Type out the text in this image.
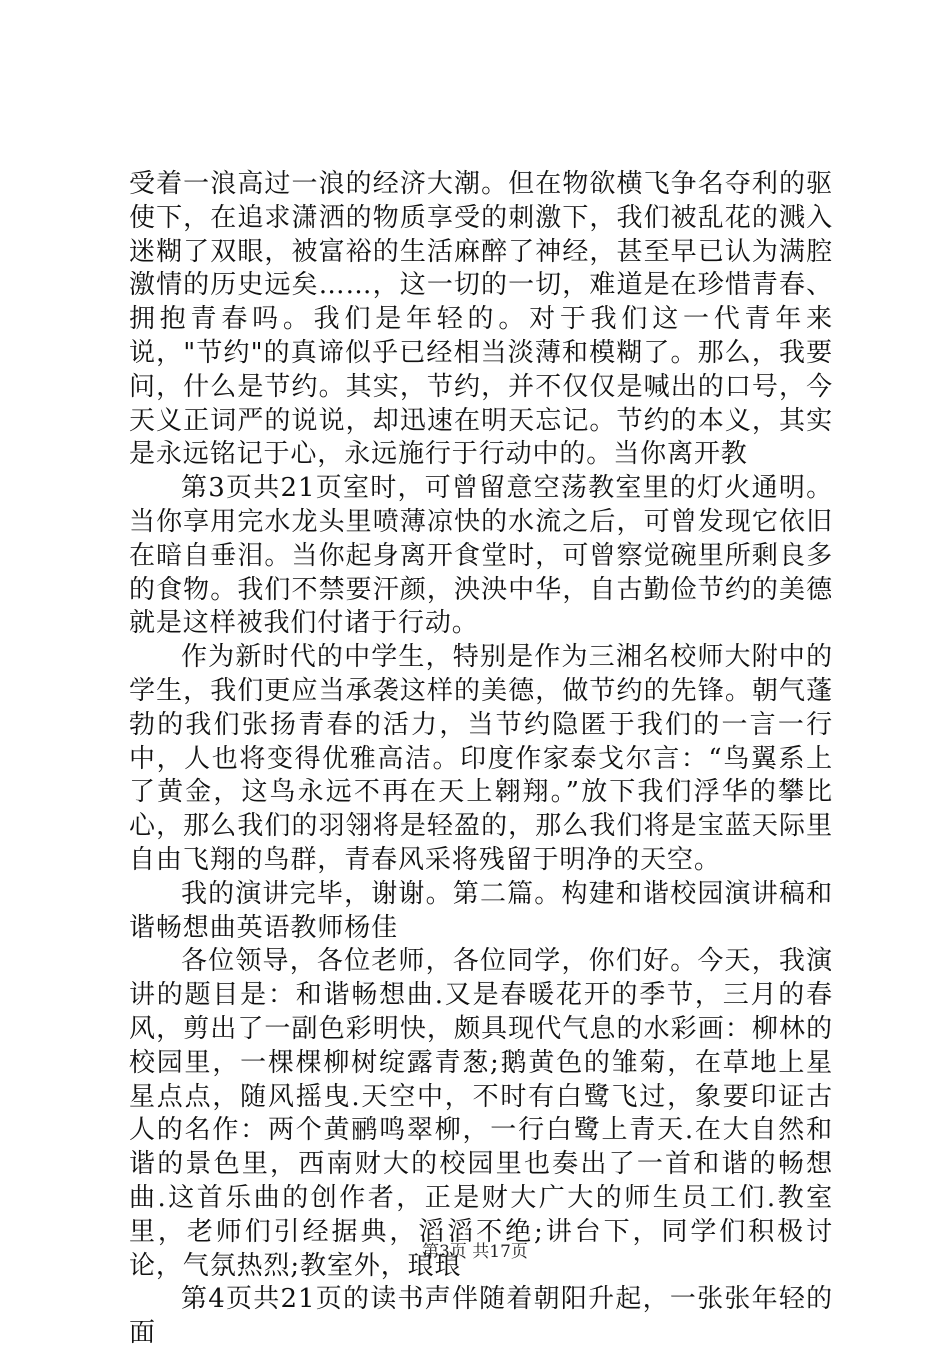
受着一浪高过一浪的经济大潮。但在物欲横飞争名夺利的驱使下，在追求潇洒的物质享受的刺激下，我们被乱花的溅入迷糊了双眼，被富裕的生活麻醉了神经，甚至早已认为满腔激情的历史远矣……，这一切的一切，难道是在珍惜青春、拥抱青春吗。我们是年轻的。对于我们这一代青年来说，"节约"的真谛似乎已经相当淡薄和模糊了。那么，我要问，什么是节约。其实，节约，并不仅仅是喊出的口号，今天义正词严的说说，却迅速在明天忘记。节约的本义，其实是永远铭记于心，永远施行于行动中的。当你离开教

第3页共21页室时，可曾留意空荡教室里的灯火通明。当你享用完水龙头里喷薄凉快的水流之后，可曾发现它依旧在暗自垂泪。当你起身离开食堂时，可曾察觉碗里所剩良多的食物。我们不禁要汗颜，泱泱中华，自古勤俭节约的美德就是这样被我们付诸于行动。

作为新时代的中学生，特别是作为三湘名校师大附中的学生，我们更应当承袭这样的美德，做节约的先锋。朝气蓬勃的我们张扬青春的活力，当节约隐匿于我们的一言一行中，人也将变得优雅高洁。印度作家泰戈尔言：“鸟翼系上了黄金，这鸟永远不再在天上翱翔。”放下我们浮华的攀比心，那么我们的羽翎将是轻盈的，那么我们将是宝蓝天际里自由飞翔的鸟群，青春风采将残留于明净的天空。

我的演讲完毕，谢谢。第二篇。构建和谐校园演讲稿和谐畅想曲英语教师杨佳

各位领导，各位老师，各位同学，你们好。今天，我演讲的题目是：和谐畅想曲.又是春暖花开的季节，三月的春风，剪出了一副色彩明快，颇具现代气息的水彩画：柳林的校园里，一棵棵柳树绽露青葱;鹅黄色的雏菊，在草地上星星点点，随风摇曳.天空中，不时有白鹭飞过，象要印证古人的名作：两个黄鹂鸣翠柳，一行白鹭上青天.在大自然和谐的景色里，西南财大的校园里也奏出了一首和谐的畅想曲.这首乐曲的创作者，正是财大广大的师生员工们.教室里，老师们引经据典，滔滔不绝;讲台下，同学们积极讨论，气氛热烈;教室外，琅琅

第4页共21页的读书声伴随着朝阳升起，一张张年轻的面

第3页 共17页
